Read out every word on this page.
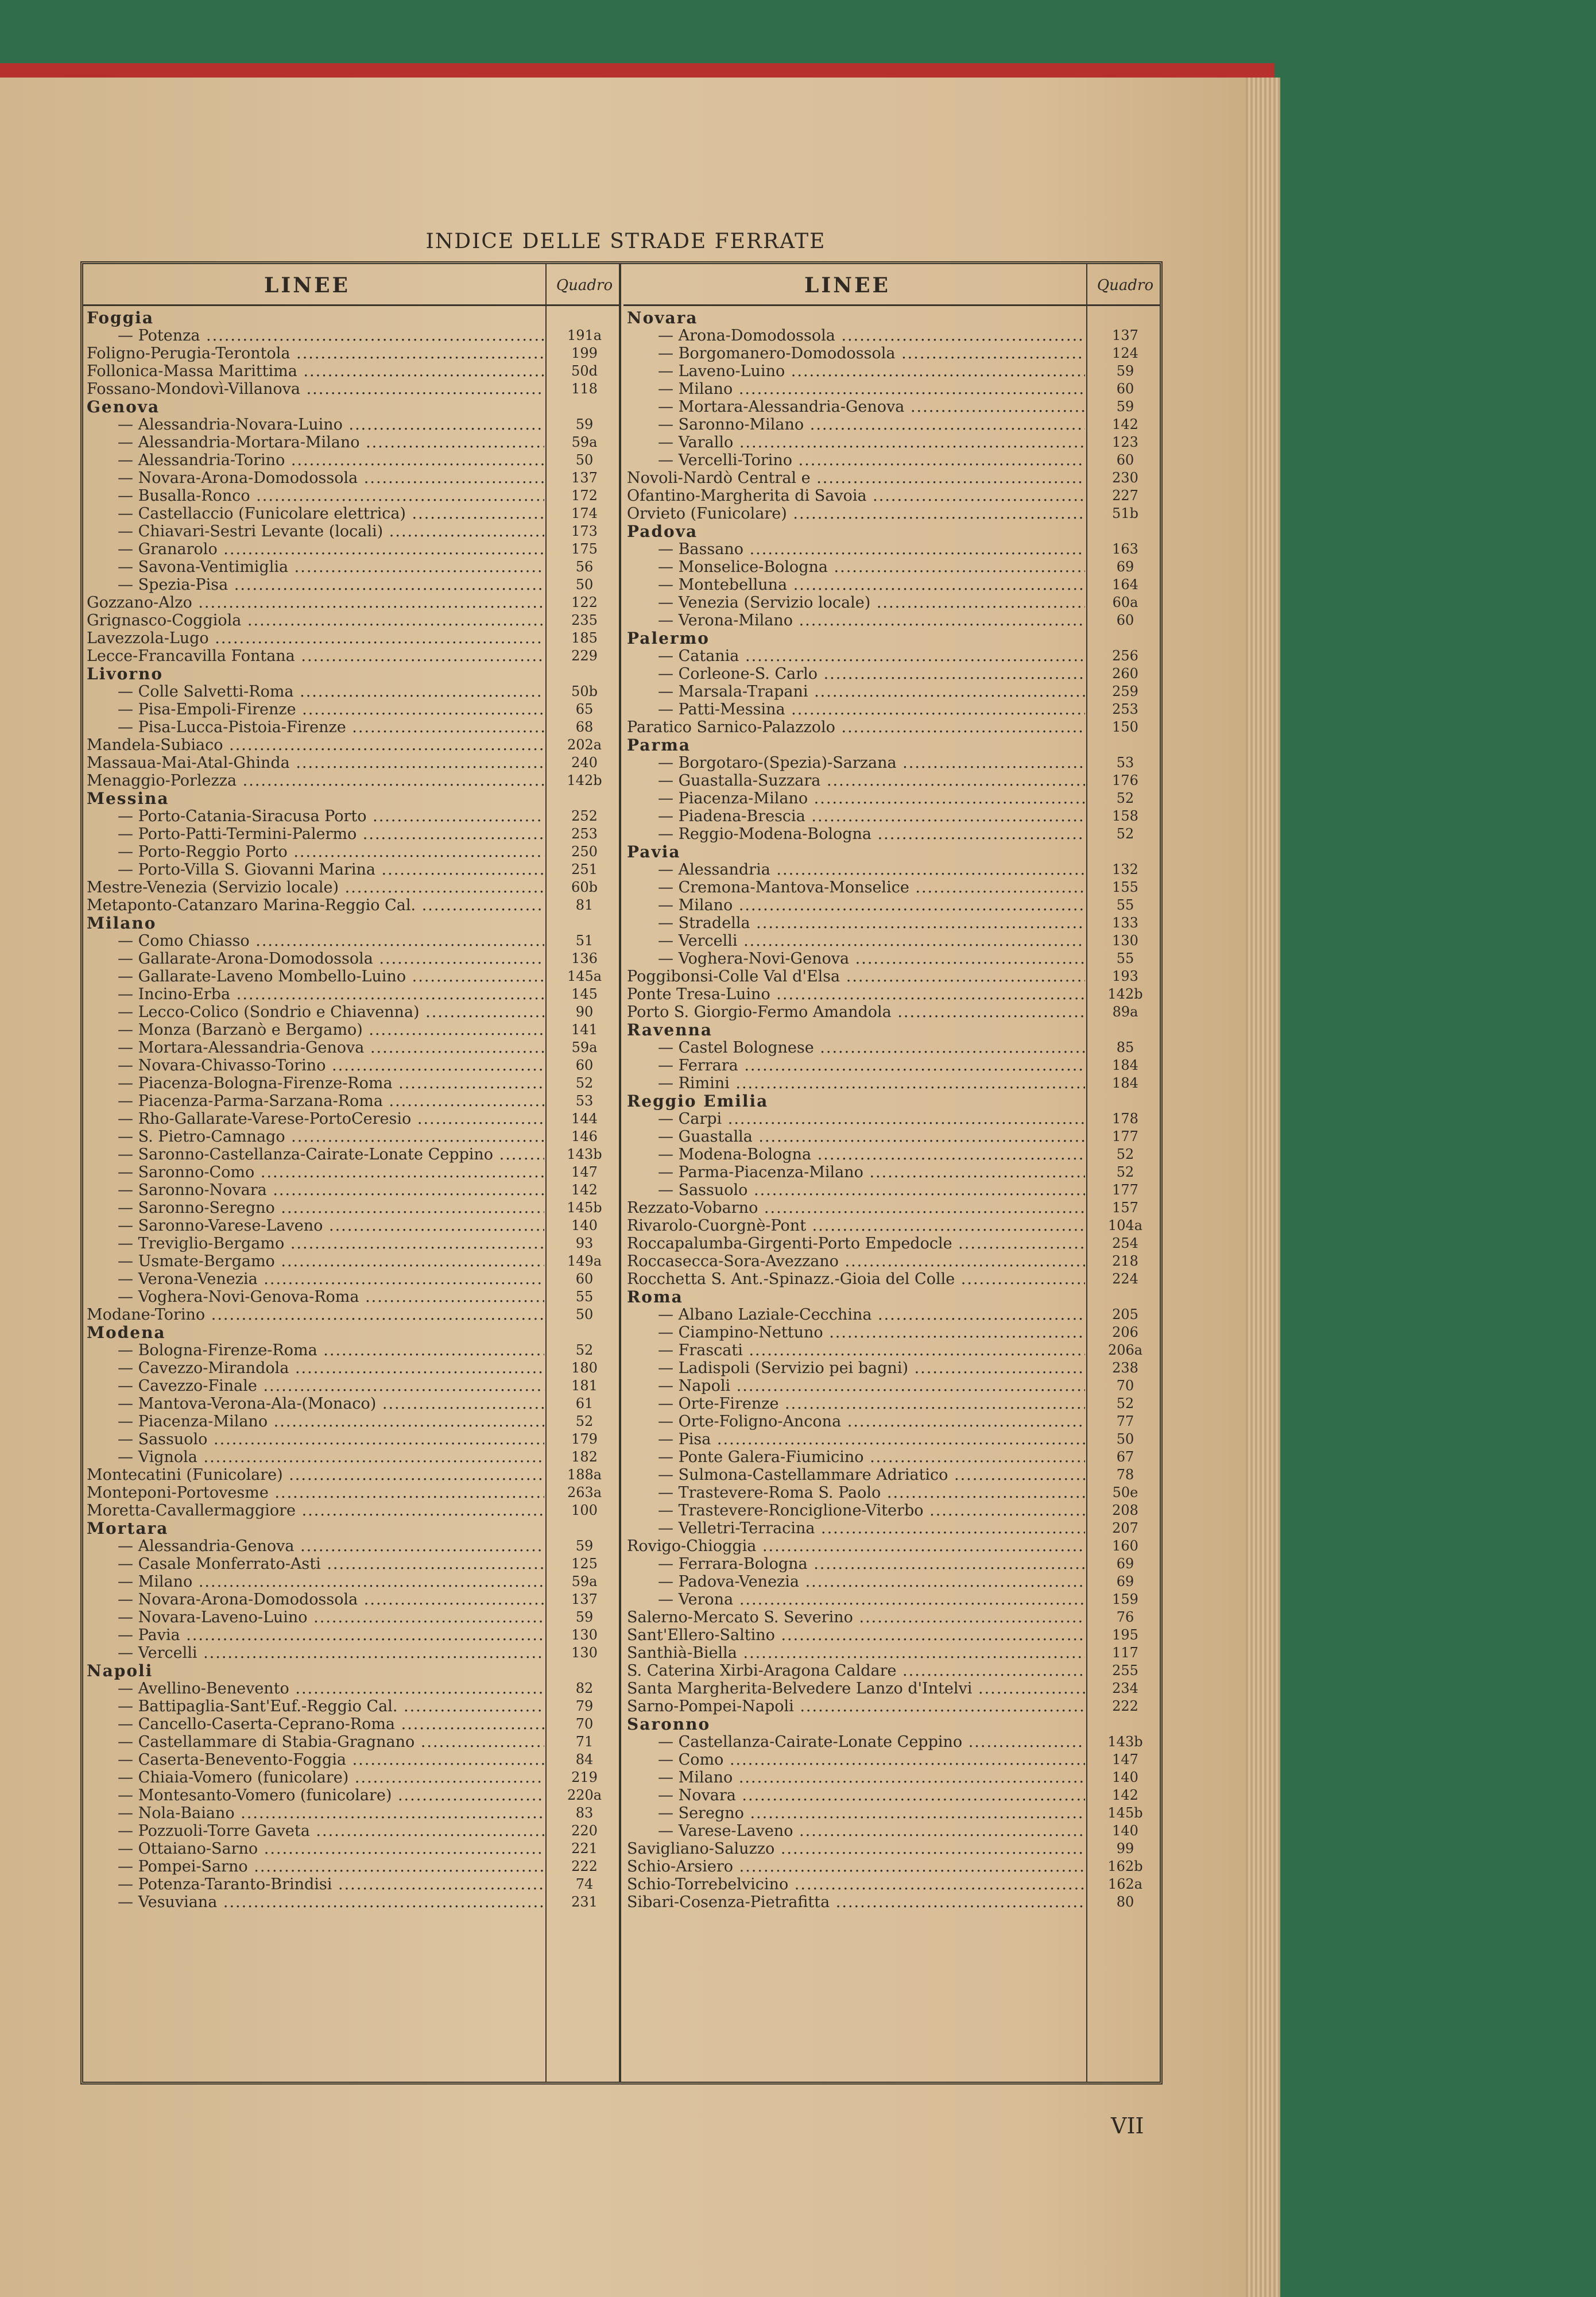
INDICE DELLE STRADE FERRATE
LINEE	Quadro
Foggia
— Potenza .....	191a
Foligno-Perugia-Terontola .....	199
Follonica-Massa Marittima .....	50d
Fossano-Mondovì-Villanova .....	118
Genova
— Alessandria-Novara-Luino .....	59
— Alessandria-Mortara-Milano .....	59a
— Alessandria-Torino .....	50
— Novara-Arona-Domodossola .....	137
— Busalla-Ronco .....	172
— Castellaccio (Funicolare elettrica) .....	174
— Chiavari-Sestri Levante (locali) .....	173
— Granarolo .....	175
— Savona-Ventimiglia .....	56
— Spezia-Pisa .....	50
Gozzano-Alzo .....	122
Grignasco-Coggiola .....	235
Lavezzola-Lugo .....	185
Lecce-Francavilla Fontana .....	229
Livorno
— Colle Salvetti-Roma .....	50b
— Pisa-Empoli-Firenze .....	65
— Pisa-Lucca-Pistoia-Firenze .....	68
Mandela-Subiaco .....	202a
Massaua-Mai-Atal-Ghinda .....	240
Menaggio-Porlezza .....	142b
Messina
— Porto-Catania-Siracusa Porto .....	252
— Porto-Patti-Termini-Palermo .....	253
— Porto-Reggio Porto .....	250
— Porto-Villa S. Giovanni Marina .....	251
Mestre-Venezia (Servizio locale) .....	60b
Metaponto-Catanzaro Marina-Reggio Cal. .....	81
Milano
— Como Chiasso .....	51
— Gallarate-Arona-Domodossola .....	136
— Gallarate-Laveno Mombello-Luino .....	145a
— Incino-Erba .....	145
— Lecco-Colico (Sondrio e Chiavenna) .....	90
— Monza (Barzanò e Bergamo) .....	141
— Mortara-Alessandria-Genova .....	59a
— Novara-Chivasso-Torino .....	60
— Piacenza-Bologna-Firenze-Roma .....	52
— Piacenza-Parma-Sarzana-Roma .....	53
— Rho-Gallarate-Varese-PortoCeresio .....	144
— S. Pietro-Camnago .....	146
— Saronno-Castellanza-Cairate-Lonate Ceppino .....	143b
— Saronno-Como .....	147
— Saronno-Novara .....	142
— Saronno-Seregno .....	145b
— Saronno-Varese-Laveno .....	140
— Treviglio-Bergamo .....	93
— Usmate-Bergamo .....	149a
— Verona-Venezia .....	60
— Voghera-Novi-Genova-Roma .....	55
Modane-Torino .....	50
Modena
— Bologna-Firenze-Roma .....	52
— Cavezzo-Mirandola .....	180
— Cavezzo-Finale .....	181
— Mantova-Verona-Ala-(Monaco) .....	61
— Piacenza-Milano .....	52
— Sassuolo .....	179
— Vignola .....	182
Montecatini (Funicolare) .....	188a
Monteponi-Portovesme .....	263a
Moretta-Cavallermaggiore .....	100
Mortara
— Alessandria-Genova .....	59
— Casale Monferrato-Asti .....	125
— Milano .....	59a
— Novara-Arona-Domodossola .....	137
— Novara-Laveno-Luino .....	59
— Pavia .....	130
— Vercelli .....	130
Napoli
— Avellino-Benevento .....	82
— Battipaglia-Sant'Euf.-Reggio Cal. .....	79
— Cancello-Caserta-Ceprano-Roma .....	70
— Castellammare di Stabia-Gragnano .....	71
— Caserta-Benevento-Foggia .....	84
— Chiaia-Vomero (funicolare) .....	219
— Montesanto-Vomero (funicolare) .....	220a
— Nola-Baiano .....	83
— Pozzuoli-Torre Gaveta .....	220
— Ottaiano-Sarno .....	221
— Pompei-Sarno .....	222
— Potenza-Taranto-Brindisi .....	74
— Vesuviana .....	231
LINEE	Quadro
Novara
— Arona-Domodossola .....	137
— Borgomanero-Domodossola .....	124
— Laveno-Luino .....	59
— Milano .....	60
— Mortara-Alessandria-Genova .....	59
— Saronno-Milano .....	142
— Varallo .....	123
— Vercelli-Torino .....	60
Novoli-Nardò Central e .....	230
Ofantino-Margherita di Savoia .....	227
Orvieto (Funicolare) .....	51b
Padova
— Bassano .....	163
— Monselice-Bologna .....	69
— Montebelluna .....	164
— Venezia (Servizio locale) .....	60a
— Verona-Milano .....	60
Palermo
— Catania .....	256
— Corleone-S. Carlo .....	260
— Marsala-Trapani .....	259
— Patti-Messina .....	253
Paratico Sarnico-Palazzolo .....	150
Parma
— Borgotaro-(Spezia)-Sarzana .....	53
— Guastalla-Suzzara .....	176
— Piacenza-Milano .....	52
— Piadena-Brescia .....	158
— Reggio-Modena-Bologna .....	52
Pavia
— Alessandria .....	132
— Cremona-Mantova-Monselice .....	155
— Milano .....	55
— Stradella .....	133
— Vercelli .....	130
— Voghera-Novi-Genova .....	55
Poggibonsi-Colle Val d'Elsa .....	193
Ponte Tresa-Luino .....	142b
Porto S. Giorgio-Fermo Amandola .....	89a
Ravenna
— Castel Bolognese .....	85
— Ferrara .....	184
— Rimini .....	184
Reggio Emilia
— Carpi .....	178
— Guastalla .....	177
— Modena-Bologna .....	52
— Parma-Piacenza-Milano .....	52
— Sassuolo .....	177
Rezzato-Vobarno .....	157
Rivarolo-Cuorgnè-Pont .....	104a
Roccapalumba-Girgenti-Porto Empedocle .....	254
Roccasecca-Sora-Avezzano .....	218
Rocchetta S. Ant.-Spinazz.-Gioia del Colle .....	224
Roma
— Albano Laziale-Cecchina .....	205
— Ciampino-Nettuno .....	206
— Frascati .....	206a
— Ladispoli (Servizio pei bagni) .....	238
— Napoli .....	70
— Orte-Firenze .....	52
— Orte-Foligno-Ancona .....	77
— Pisa .....	50
— Ponte Galera-Fiumicino .....	67
— Sulmona-Castellammare Adriatico .....	78
— Trastevere-Roma S. Paolo .....	50e
— Trastevere-Ronciglione-Viterbo .....	208
— Velletri-Terracina .....	207
Rovigo-Chioggia .....	160
— Ferrara-Bologna .....	69
— Padova-Venezia .....	69
— Verona .....	159
Salerno-Mercato S. Severino .....	76
Sant'Ellero-Saltino .....	195
Santhià-Biella .....	117
S. Caterina Xirbi-Aragona Caldare .....	255
Santa Margherita-Belvedere Lanzo d'Intelvi .....	234
Sarno-Pompei-Napoli .....	222
Saronno
— Castellanza-Cairate-Lonate Ceppino .....	143b
— Como .....	147
— Milano .....	140
— Novara .....	142
— Seregno .....	145b
— Varese-Laveno .....	140
Savigliano-Saluzzo .....	99
Schio-Arsiero .....	162b
Schio-Torrebelvicino .....	162a
Sibari-Cosenza-Pietrafitta .....	80
VII
